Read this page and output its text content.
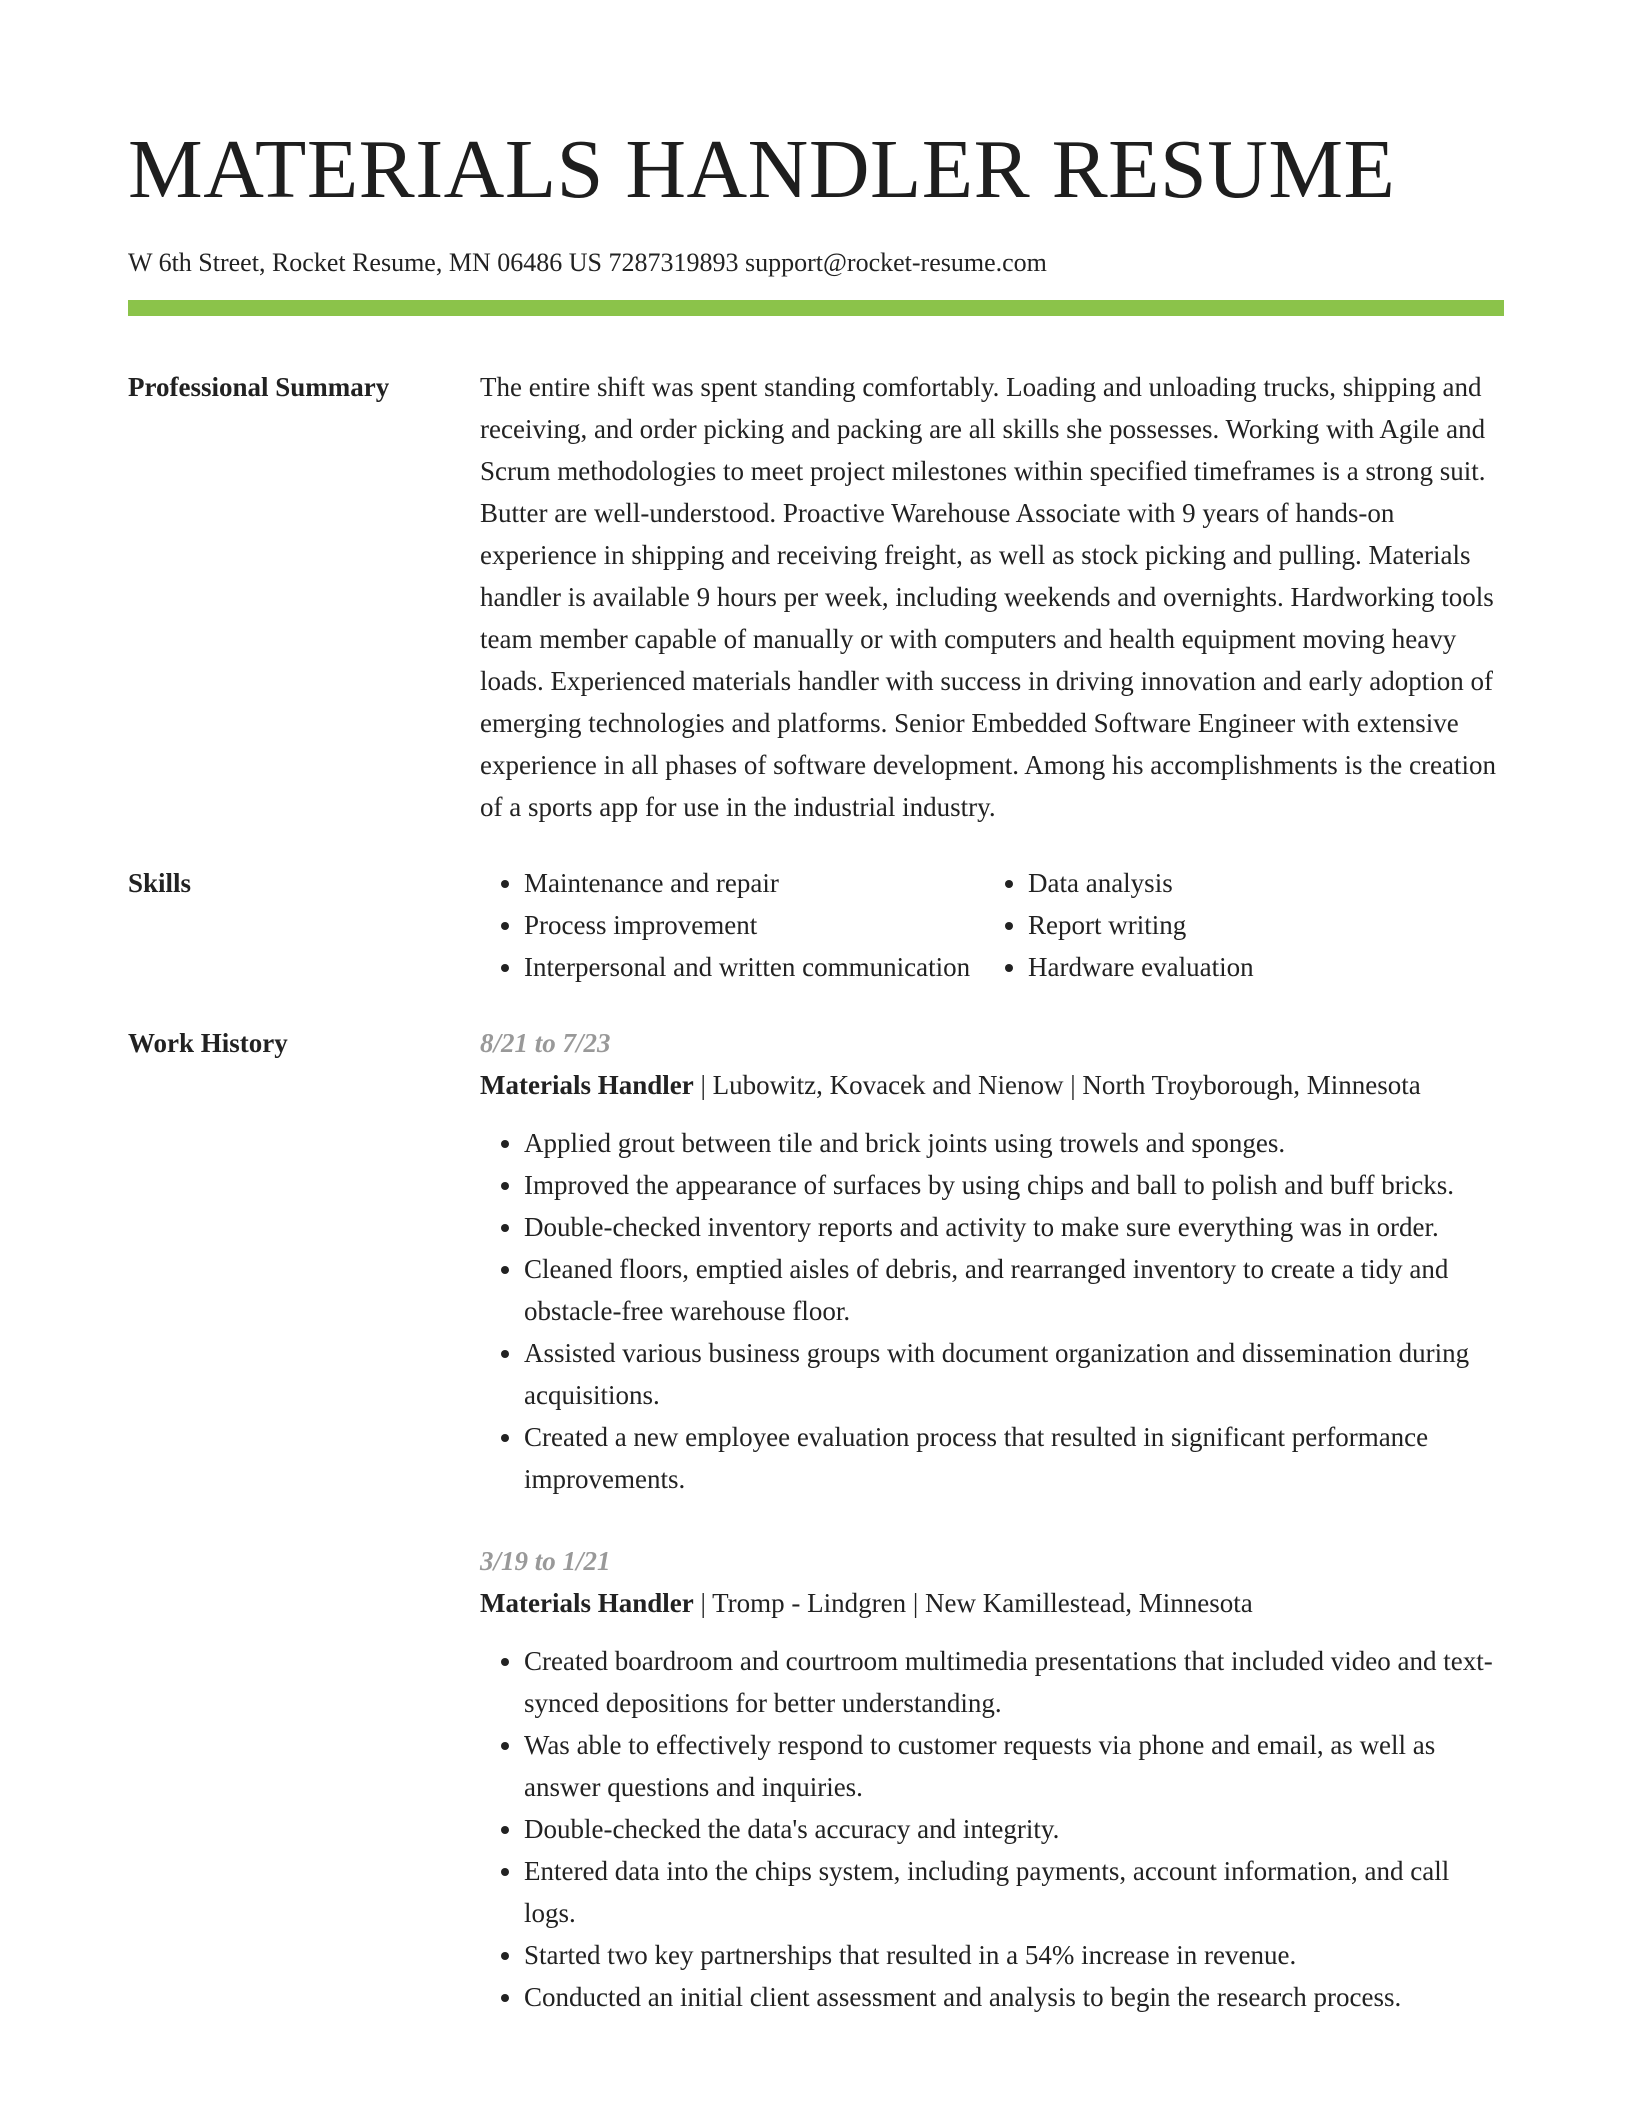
MATERIALS HANDLER RESUME
W 6th Street, Rocket Resume, MN 06486 US 7287319893 support@rocket-resume.com
Professional Summary	The entire shift was spent standing comfortably. Loading and unloading trucks, shipping and receiving, and order picking and packing are all skills she possesses. Working with Agile and Scrum methodologies to meet project milestones within specified timeframes is a strong suit. Butter are well-understood. Proactive Warehouse Associate with 9 years of hands-on experience in shipping and receiving freight, as well as stock picking and pulling. Materials handler is available 9 hours per week, including weekends and overnights. Hardworking tools team member capable of manually or with computers and health equipment moving heavy loads. Experienced materials handler with success in driving innovation and early adoption of emerging technologies and platforms. Senior Embedded Software Engineer with extensive experience in all phases of software development. Among his accomplishments is the creation of a sports app for use in the industrial industry.

Skills
•	Maintenance and repair
• Process improvement
• Interpersonal and written communication
• Data analysis
• Report writing
• Hardware evaluation
Work History	8/21 to 7/23
Materials Handler | Lubowitz, Kovacek and Nienow | North Troyborough, Minnesota
• Applied grout between tile and brick joints using trowels and sponges.
• Improved the appearance of surfaces by using chips and ball to polish and buff bricks.
• Double-checked inventory reports and activity to make sure everything was in order.
• Cleaned floors, emptied aisles of debris, and rearranged inventory to create a tidy and obstacle-free warehouse floor.
• Assisted various business groups with document organization and dissemination during acquisitions.
• Created a new employee evaluation process that resulted in significant performance improvements.
3/19 to 1/21
Materials Handler | Tromp - Lindgren | New Kamillestead, Minnesota
• Created boardroom and courtroom multimedia presentations that included video and text-synced depositions for better understanding.
• Was able to effectively respond to customer requests via phone and email, as well as answer questions and inquiries.
• Double-checked the data's accuracy and integrity.
• Entered data into the chips system, including payments, account information, and call logs.
• Started two key partnerships that resulted in a 54% increase in revenue.
• Conducted an initial client assessment and analysis to begin the research process.
